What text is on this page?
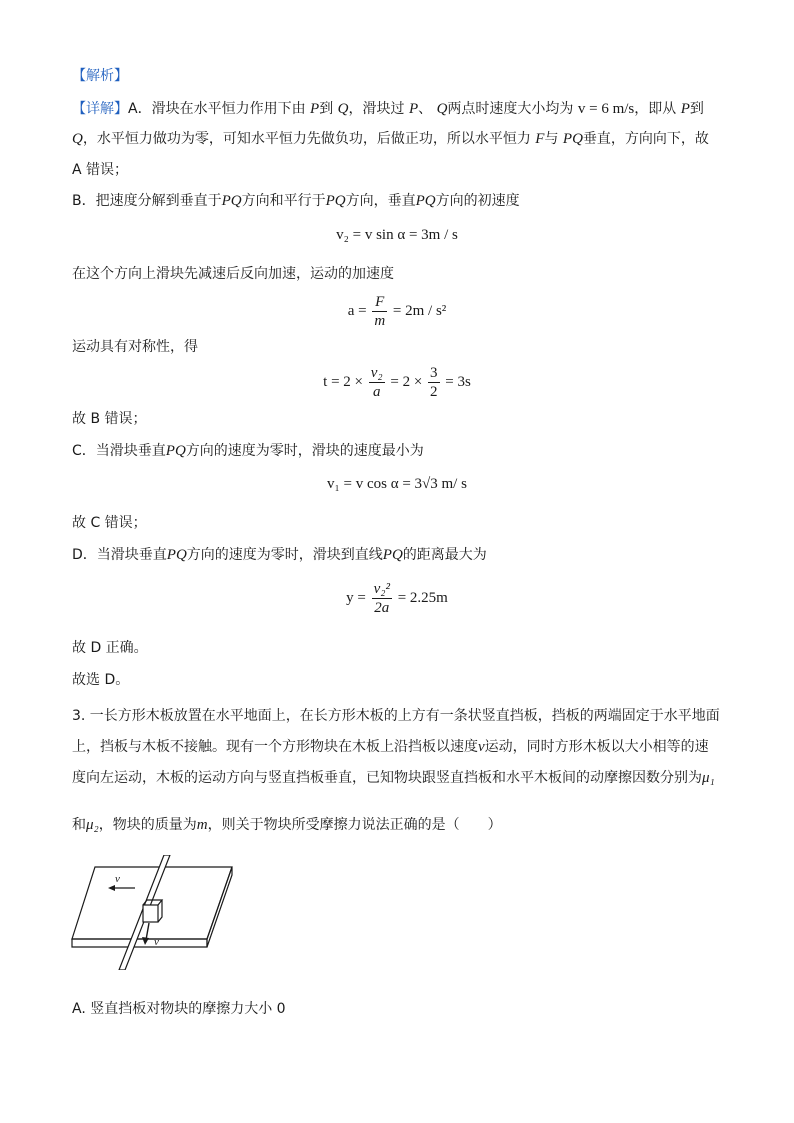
【解析】
【详解】A．滑块在水平恒力作用下由 P到 Q，滑块过 P、 Q两点时速度大小均为 v = 6 m/s，即从 P到
Q，水平恒力做功为零，可知水平恒力先做负功，后做正功，所以水平恒力 F与 PQ垂直，方向向下，故
A 错误；
B．把速度分解到垂直于PQ方向和平行于PQ方向，垂直PQ方向的初速度
v₂ = v sin α = 3m / s
在这个方向上滑块先减速后反向加速，运动的加速度
$a = \frac{F}{m} = 2m / s^2$
运动具有对称性，得
$t = 2 \times \frac{\text{v₂}}{a} = 2 \times \frac{3}{2} = 3s$
故 B 错误；
C．当滑块垂直PQ方向的速度为零时，滑块的速度最小为
v₁ = v cos α = 3√3 m/ s
故 C 错误；
D．当滑块垂直PQ方向的速度为零时，滑块到直线PQ的距离最大为
$y = \frac{\text{v₂²}}{2a} = 2.25m$
故 D 正确。
故选 D。
3. 一长方形木板放置在水平地面上，在长方形木板的上方有一条状竖直挡板，挡板的两端固定于水平地面
上，挡板与木板不接触。现有一个方形物块在木板上沿挡板以速度v运动，同时方形木板以大小相等的速
度向左运动，木板的运动方向与竖直挡板垂直，已知物块跟竖直挡板和水平木板间的动摩擦因数分别为μ₁
和μ₂，物块的质量为m，则关于物块所受摩擦力说法正确的是（　　）
v
v
A. 竖直挡板对物块的摩擦力大小 0
